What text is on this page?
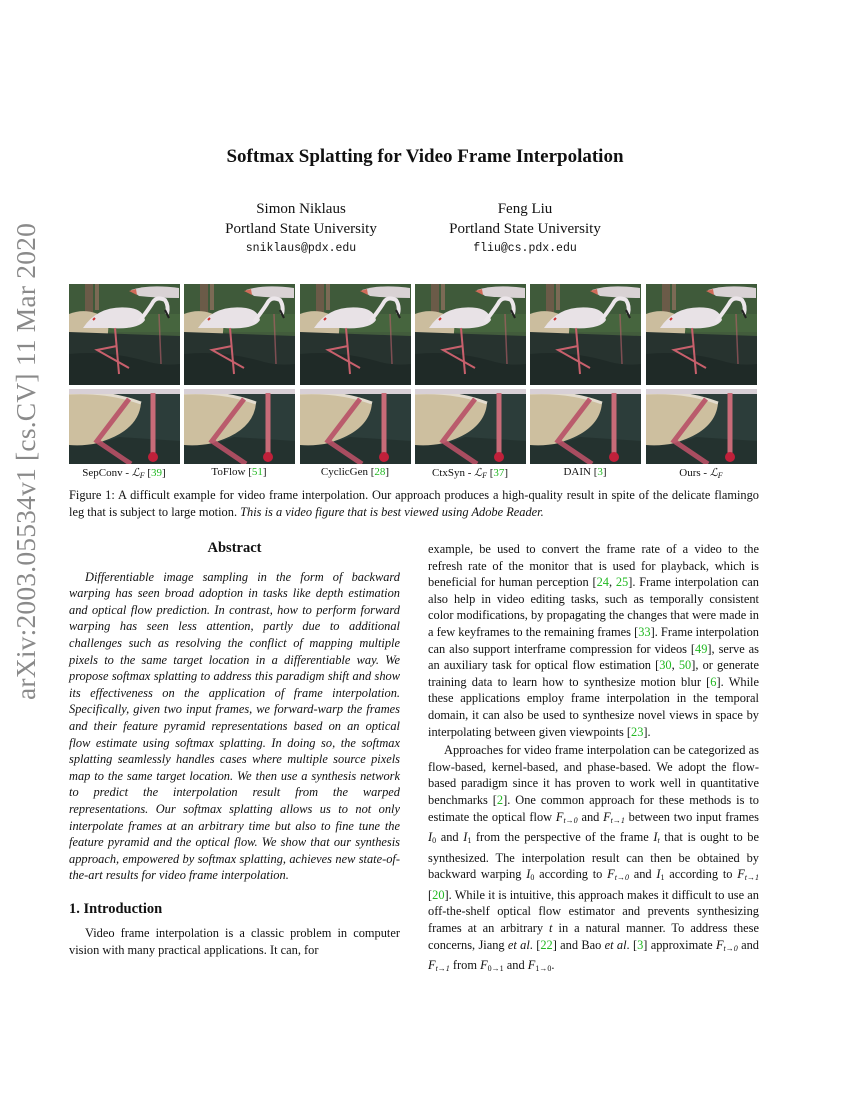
arXiv:2003.05534v1 [cs.CV] 11 Mar 2020
Softmax Splatting for Video Frame Interpolation
Simon Niklaus
Portland State University
sniklaus@pdx.edu
Feng Liu
Portland State University
fliu@cs.pdx.edu
SepConv - ℒ$_F$ [39]	ToFlow [51]	CyclicGen [28]	CtxSyn - ℒ$_F$ [37]	DAIN [3]	Ours - ℒ$_F$
Figure 1: A difficult example for video frame interpolation. Our approach produces a high-quality result in spite of the delicate flamingo leg that is subject to large motion. This is a video figure that is best viewed using Adobe Reader.
Abstract

Differentiable image sampling in the form of backward warping has seen broad adoption in tasks like depth estimation and optical flow prediction. In contrast, how to perform forward warping has seen less attention, partly due to additional challenges such as resolving the conflict of mapping multiple pixels to the same target location in a differentiable way. We propose softmax splatting to address this paradigm shift and show its effectiveness on the application of frame interpolation. Specifically, given two input frames, we forward-warp the frames and their feature pyramid representations based on an optical flow estimate using softmax splatting. In doing so, the softmax splatting seamlessly handles cases where multiple source pixels map to the same target location. We then use a synthesis network to predict the interpolation result from the warped representations. Our softmax splatting allows us to not only interpolate frames at an arbitrary time but also to fine tune the feature pyramid and the optical flow. We show that our synthesis approach, empowered by softmax splatting, achieves new state-of-the-art results for video frame interpolation.

1. Introduction

Video frame interpolation is a classic problem in computer vision with many practical applications. It can, for

example, be used to convert the frame rate of a video to the refresh rate of the monitor that is used for playback, which is beneficial for human perception [24, 25]. Frame interpolation can also help in video editing tasks, such as temporally consistent color modifications, by propagating the changes that were made in a few keyframes to the remaining frames [33]. Frame interpolation can also support interframe compression for videos [49], serve as an auxiliary task for optical flow estimation [30, 50], or generate training data to learn how to synthesize motion blur [6]. While these applications employ frame interpolation in the temporal domain, it can also be used to synthesize novel views in space by interpolating between given viewpoints [23].

Approaches for video frame interpolation can be categorized as flow-based, kernel-based, and phase-based. We adopt the flow-based paradigm since it has proven to work well in quantitative benchmarks [2]. One common approach for these methods is to estimate the optical flow $F_{t\to 0}$ and $F_{t\to 1}$ between two input frames $I_0$ and $I_1$ from the perspective of the frame $I_t$ that is ought to be synthesized. The interpolation result can then be obtained by backward warping $I_0$ according to $F_{t\to 0}$ and $I_1$ according to $F_{t\to 1}$ [20]. While it is intuitive, this approach makes it difficult to use an off-the-shelf optical flow estimator and prevents synthesizing frames at an arbitrary t in a natural manner. To address these concerns, Jiang et al. [22] and Bao et al. [3] approximate $F_{t\to 0}$ and $F_{t\to 1}$ from $F_{0\to 1}$ and $F_{1\to 0}$.
